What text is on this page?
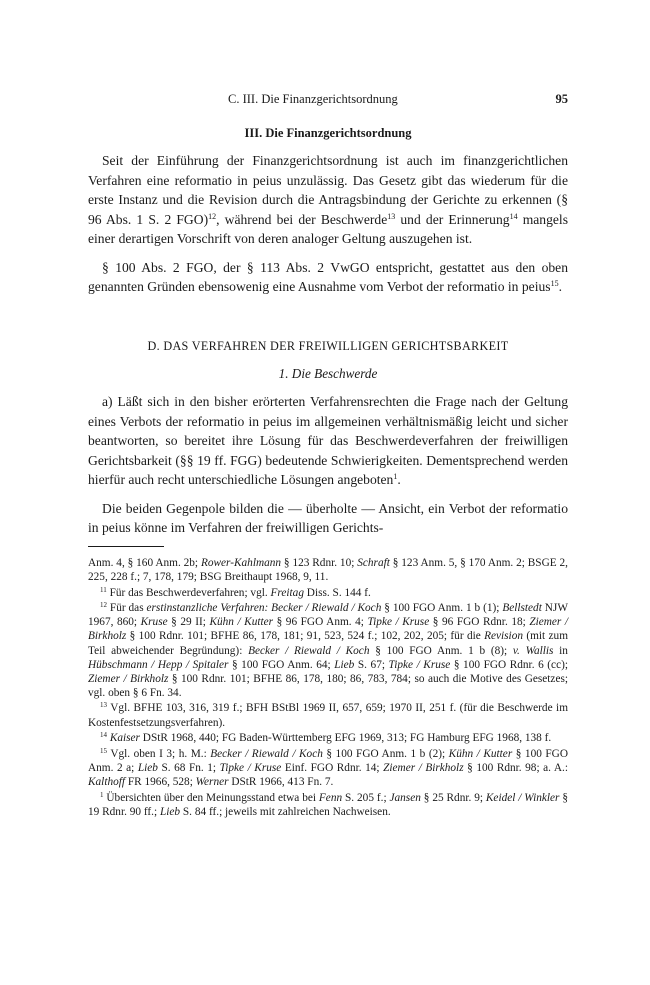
C. III. Die Finanzgerichtsordnung	95
III. Die Finanzgerichtsordnung

Seit der Einführung der Finanzgerichtsordnung ist auch im finanzgerichtlichen Verfahren eine reformatio in peius unzulässig. Das Gesetz gibt das wiederum für die erste Instanz und die Revision durch die Antragsbindung der Gerichte zu erkennen (§ 96 Abs. 1 S. 2 FGO)$^{12}$, während bei der Beschwerde$^{13}$ und der Erinnerung$^{14}$ mangels einer derartigen Vorschrift von deren analoger Geltung auszugehen ist.

§ 100 Abs. 2 FGO, der § 113 Abs. 2 VwGO entspricht, gestattet aus den oben genannten Gründen ebensowenig eine Ausnahme vom Verbot der reformatio in peius$^{15}$.

D. DAS VERFAHREN DER FREIWILLIGEN GERICHTSBARKEIT
1. Die Beschwerde

a) Läßt sich in den bisher erörterten Verfahrensrechten die Frage nach der Geltung eines Verbots der reformatio in peius im allgemeinen verhältnismäßig leicht und sicher beantworten, so bereitet ihre Lösung für das Beschwerdeverfahren der freiwilligen Gerichtsbarkeit (§§ 19 ff. FGG) bedeutende Schwierigkeiten. Dementsprechend werden hierfür auch recht unterschiedliche Lösungen angeboten$^1$.

Die beiden Gegenpole bilden die — überholte — Ansicht, ein Verbot der reformatio in peius könne im Verfahren der freiwilligen Gerichts-

Anm. 4, § 160 Anm. 2b; Rower-Kahlmann § 123 Rdnr. 10; Schraft § 123 Anm. 5, § 170 Anm. 2; BSGE 2, 225, 228 f.; 7, 178, 179; BSG Breithaupt 1968, 9, 11.

$^{11}$ Für das Beschwerdeverfahren; vgl. Freitag Diss. S. 144 f.

$^{12}$ Für das erstinstanzliche Verfahren: Becker / Riewald / Koch § 100 FGO Anm. 1 b (1); Bellstedt NJW 1967, 860; Kruse § 29 II; Kühn / Kutter § 96 FGO Anm. 4; Tipke / Kruse § 96 FGO Rdnr. 18; Ziemer / Birkholz § 100 Rdnr. 101; BFHE 86, 178, 181; 91, 523, 524 f.; 102, 202, 205; für die Revision (mit zum Teil abweichender Begründung): Becker / Riewald / Koch § 100 FGO Anm. 1 b (8); v. Wallis in Hübschmann / Hepp / Spitaler § 100 FGO Anm. 64; Lieb S. 67; Tipke / Kruse § 100 FGO Rdnr. 6 (cc); Ziemer / Birkholz § 100 Rdnr. 101; BFHE 86, 178, 180; 86, 783, 784; so auch die Motive des Gesetzes; vgl. oben § 6 Fn. 34.

$^{13}$ Vgl. BFHE 103, 316, 319 f.; BFH BStBl 1969 II, 657, 659; 1970 II, 251 f. (für die Beschwerde im Kostenfestsetzungsverfahren).

$^{14}$ Kaiser DStR 1968, 440; FG Baden-Württemberg EFG 1969, 313; FG Hamburg EFG 1968, 138 f.

$^{15}$ Vgl. oben I 3; h. M.: Becker / Riewald / Koch § 100 FGO Anm. 1 b (2); Kühn / Kutter § 100 FGO Anm. 2 a; Lieb S. 68 Fn. 1; Tipke / Kruse Einf. FGO Rdnr. 14; Ziemer / Birkholz § 100 Rdnr. 98; a. A.: Kalthoff FR 1966, 528; Werner DStR 1966, 413 Fn. 7.

$^1$ Übersichten über den Meinungsstand etwa bei Fenn S. 205 f.; Jansen § 25 Rdnr. 9; Keidel / Winkler § 19 Rdnr. 90 ff.; Lieb S. 84 ff.; jeweils mit zahlreichen Nachweisen.
